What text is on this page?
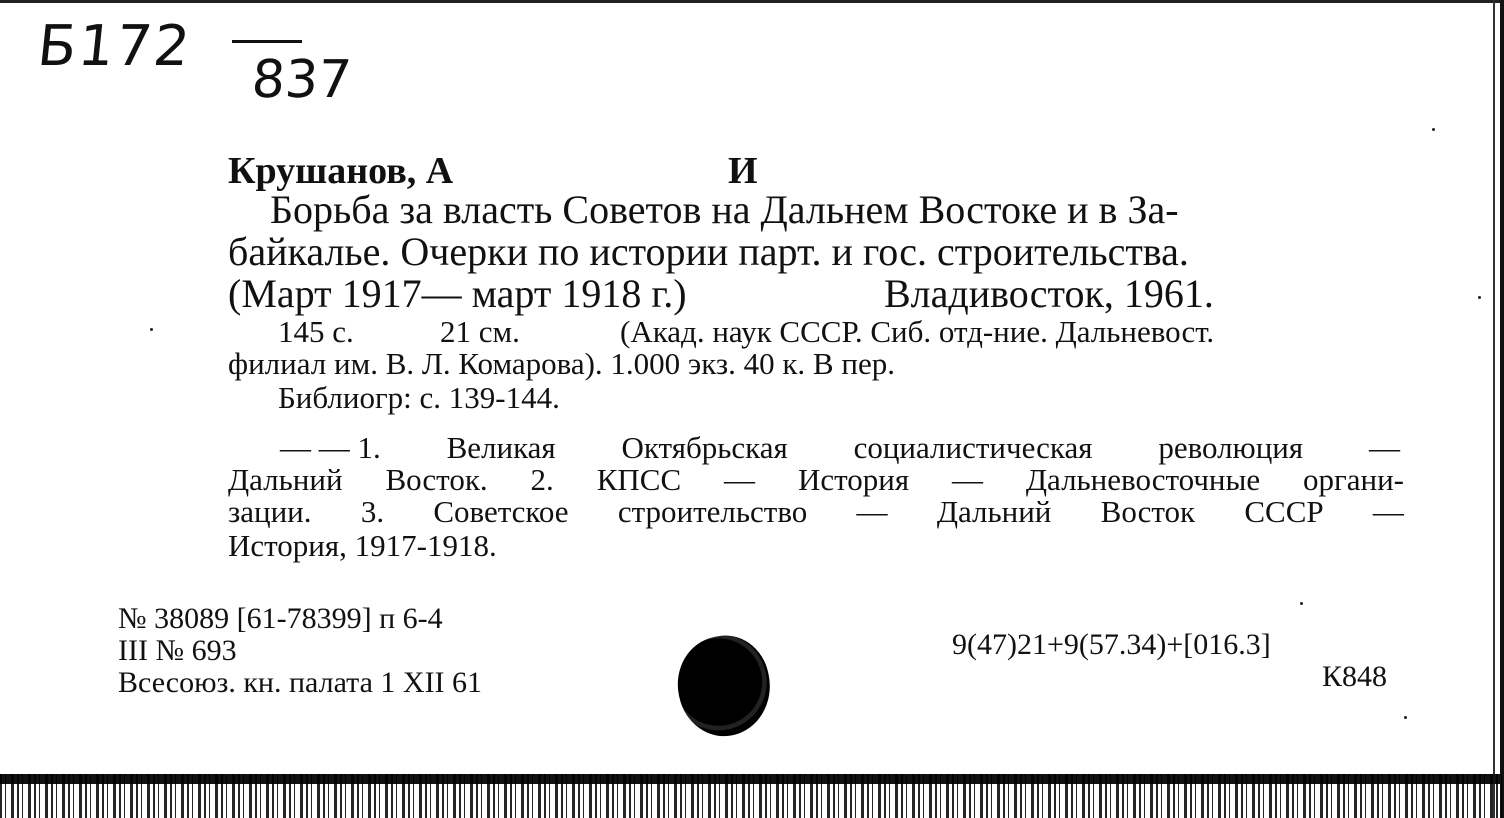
Б172
837
Крушанов, А	И
Борьба за власть Советов на Дальнем Востоке и в За-
байкалье. Очерки по истории парт. и гос. строительства.
(Март 1917— март 1918 г.)	Владивосток, 1961.
145 с.	21 см.	(Акад. наук СССР. Сиб. отд-ние. Дальневост.
филиал им. В. Л. Комарова). 1.000 экз. 40 к. В пер.
Библиогр: с. 139-144.
— — 1. Великая Октябрьская социалистическая революция —
Дальний Восток. 2. КПСС — История — Дальневосточные органи-
зации. 3. Советское строительство — Дальний Восток СССР —
История, 1917-1918.
№ 38089 [61-78399] п 6-4
III № 693
Всесоюз. кн. палата 1 XII 61
9(47)21+9(57.34)+[016.3]
К848
